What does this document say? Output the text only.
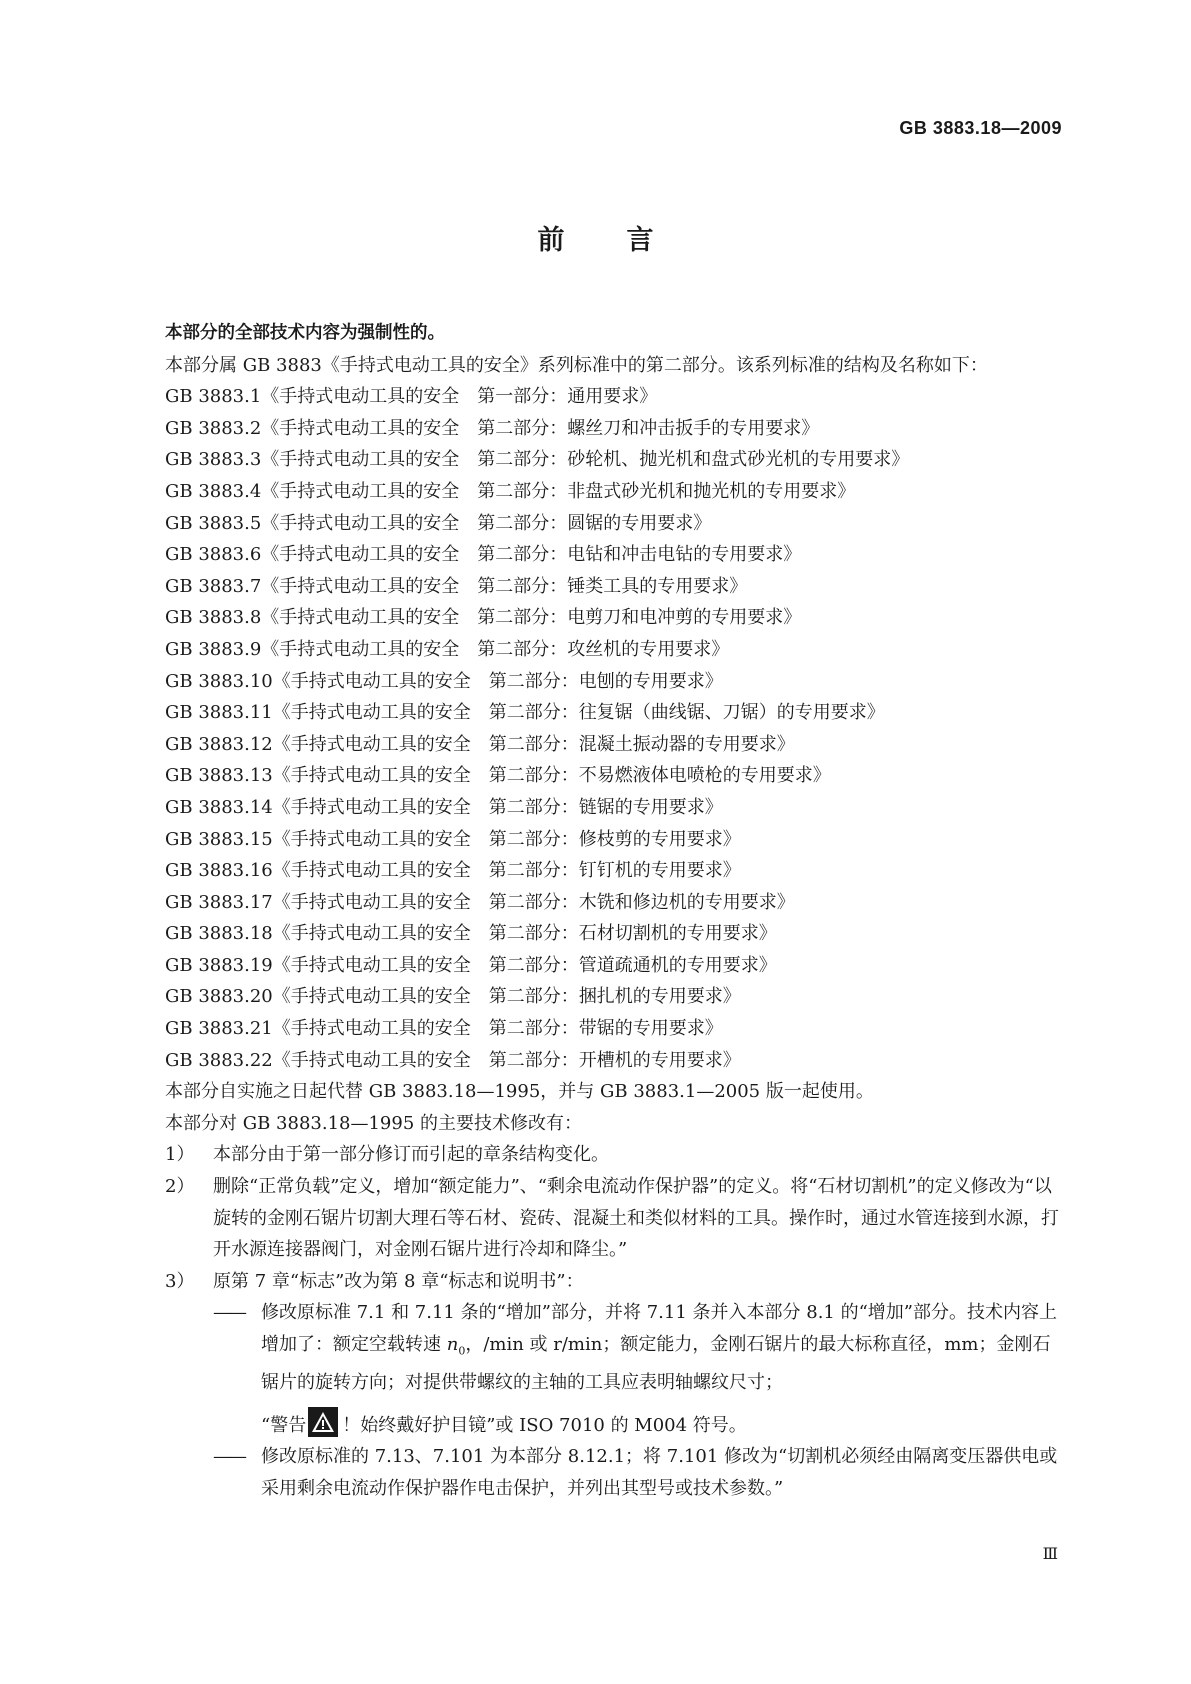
GB 3883.18—2009
前言

本部分的全部技术内容为强制性的。

本部分属 GB 3883《手持式电动工具的安全》系列标准中的第二部分。该系列标准的结构及名称如下：

GB 3883.1《手持式电动工具的安全　第一部分：通用要求》
GB 3883.2《手持式电动工具的安全　第二部分：螺丝刀和冲击扳手的专用要求》
GB 3883.3《手持式电动工具的安全　第二部分：砂轮机、抛光机和盘式砂光机的专用要求》
GB 3883.4《手持式电动工具的安全　第二部分：非盘式砂光机和抛光机的专用要求》
GB 3883.5《手持式电动工具的安全　第二部分：圆锯的专用要求》
GB 3883.6《手持式电动工具的安全　第二部分：电钻和冲击电钻的专用要求》
GB 3883.7《手持式电动工具的安全　第二部分：锤类工具的专用要求》
GB 3883.8《手持式电动工具的安全　第二部分：电剪刀和电冲剪的专用要求》
GB 3883.9《手持式电动工具的安全　第二部分：攻丝机的专用要求》
GB 3883.10《手持式电动工具的安全　第二部分：电刨的专用要求》
GB 3883.11《手持式电动工具的安全　第二部分：往复锯（曲线锯、刀锯）的专用要求》
GB 3883.12《手持式电动工具的安全　第二部分：混凝土振动器的专用要求》
GB 3883.13《手持式电动工具的安全　第二部分：不易燃液体电喷枪的专用要求》
GB 3883.14《手持式电动工具的安全　第二部分：链锯的专用要求》
GB 3883.15《手持式电动工具的安全　第二部分：修枝剪的专用要求》
GB 3883.16《手持式电动工具的安全　第二部分：钉钉机的专用要求》
GB 3883.17《手持式电动工具的安全　第二部分：木铣和修边机的专用要求》
GB 3883.18《手持式电动工具的安全　第二部分：石材切割机的专用要求》
GB 3883.19《手持式电动工具的安全　第二部分：管道疏通机的专用要求》
GB 3883.20《手持式电动工具的安全　第二部分：捆扎机的专用要求》
GB 3883.21《手持式电动工具的安全　第二部分：带锯的专用要求》
GB 3883.22《手持式电动工具的安全　第二部分：开槽机的专用要求》

本部分自实施之日起代替 GB 3883.18—1995，并与 GB 3883.1—2005 版一起使用。

本部分对 GB 3883.18—1995 的主要技术修改有：

1） 本部分由于第一部分修订而引起的章条结构变化。
2） 删除“正常负载”定义，增加“额定能力”、“剩余电流动作保护器”的定义。将“石材切割机”的定义修改为“以旋转的金刚石锯片切割大理石等石材、瓷砖、混凝土和类似材料的工具。操作时，通过水管连接到水源，打开水源连接器阀门，对金刚石锯片进行冷却和降尘。”
3） 原第 7 章“标志”改为第 8 章“标志和说明书”：
—— 修改原标准 7.1 和 7.11 条的“增加”部分，并将 7.11 条并入本部分 8.1 的“增加”部分。技术内容上增加了：额定空载转速 $n_0$，/min 或 r/min；额定能力，金刚石锯片的最大标称直径，mm；金刚石锯片的旋转方向；对提供带螺纹的主轴的工具应表明轴螺纹尺寸；
“警告 ！始终戴好护目镜”或 ISO 7010 的 M004 符号。
—— 修改原标准的 7.13、7.101 为本部分 8.12.1；将 7.101 修改为“切割机必须经由隔离变压器供电或采用剩余电流动作保护器作电击保护，并列出其型号或技术参数。”
Ⅲ
